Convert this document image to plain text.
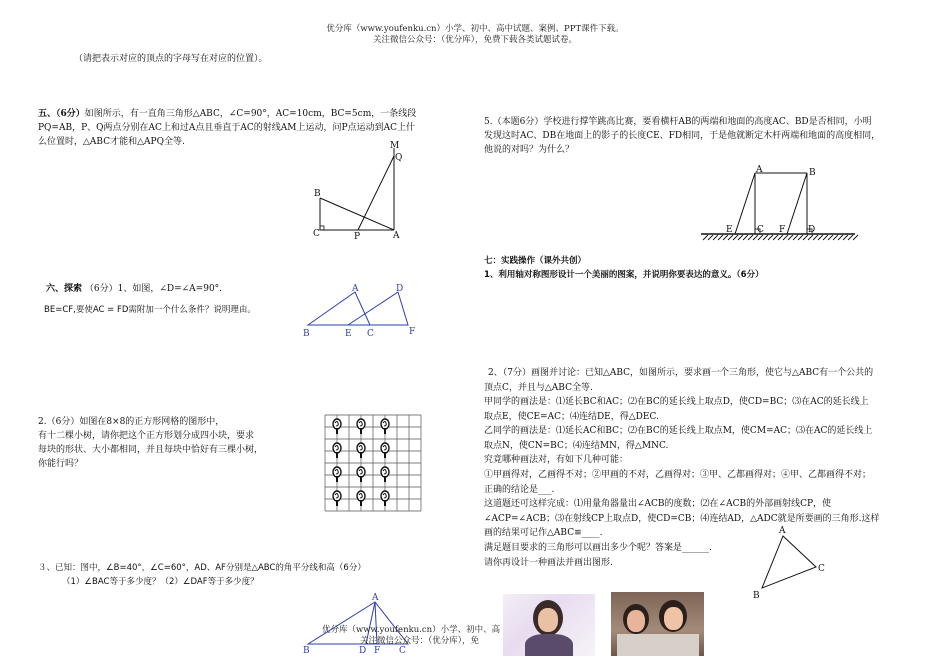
优分库（www.youfenku.cn）小学、初中、高中试题、案例、PPT课件下载。
关注微信公众号：（优分库），免费下载各类试题试卷。
（请把表示对应的顶点的字母写在对应的位置）。
五、（6分）如图所示，有一直角三角形△ABC，∠C=90°，AC=10cm，BC=5cm，一条线段
PQ=AB，P、Q两点分别在AC上和过A点且垂直于AC的射线AM上运动，问P点运动到AC上什
么位置时，△ABC才能和△APQ全等.	M
Q
B
C	P	A
六、探索 （6分）1、如图，∠D=∠A=90°.
BE=CF,要使AC = FD需附加一个什么条件？说明理由。
A	D
B	E C	F
2.（6分）如图在8×8的正方形网格的图形中，
有十二棵小树，请你把这个正方形划分成四小块，要求
每块的形状、大小都相同，并且每块中恰好有三棵小树，
你能行吗？
３、已知：图中，∠B=40°，∠C=60°，AD、AF分别是△ABC的角平分线和高（6分）
（1）∠BAC等于多少度？（2）∠DAF等于多少度？
A
B	D F C
优分库（www.youfenku.cn）小学、初中、高
关注微信公众号：（优分库），免
5.（本题6分）学校进行撑竿跳高比赛，要看横杆AB的两端和地面的高度AC、BD是否相同，小明
发现这时AC、DB在地面上的影子的长度CE、FD相同，于是他就断定木杆两端和地面的高度相同，
他说的对吗？为什么？
A	B
E	C F	D
七：实践操作（课外共创）
1、利用轴对称图形设计一个美丽的图案，并说明你要表达的意义。（6分）
2、（7分）画图并讨论：已知△ABC，如图所示，要求画一个三角形，使它与△ABC有一个公共的
顶点C，并且与△ABC全等.
甲同学的画法是：⑴延长BC和AC；⑵在BC的延长线上取点D，使CD=BC；⑶在AC的延长线上
取点E，使CE=AC；⑷连结DE，得△DEC.
乙同学的画法是：⑴延长AC和BC；⑵在BC的延长线上取点M，使CM=AC；⑶在AC的延长线上
取点N，使CN=BC；⑷连结MN，得△MNC.
究竟哪种画法对，有如下几种可能：
①甲画得对，乙画得不对；②甲画的不对，乙画得对；③甲、乙都画得对；④甲、乙都画得不对；
正确的结论是___.
这道题还可这样完成：⑴用量角器量出∠ACB的度数；⑵在∠ACB的外部画射线CP，使
∠ACP=∠ACB；⑶在射线CP上取点D，使CD=CB；⑷连结AD，△ADC就是所要画的三角形.这样
画的结果可记作△ABC≌____.
满足题目要求的三角形可以画出多少个呢？答案是______.
请你再设计一种画法并画出图形.
A
B
C
